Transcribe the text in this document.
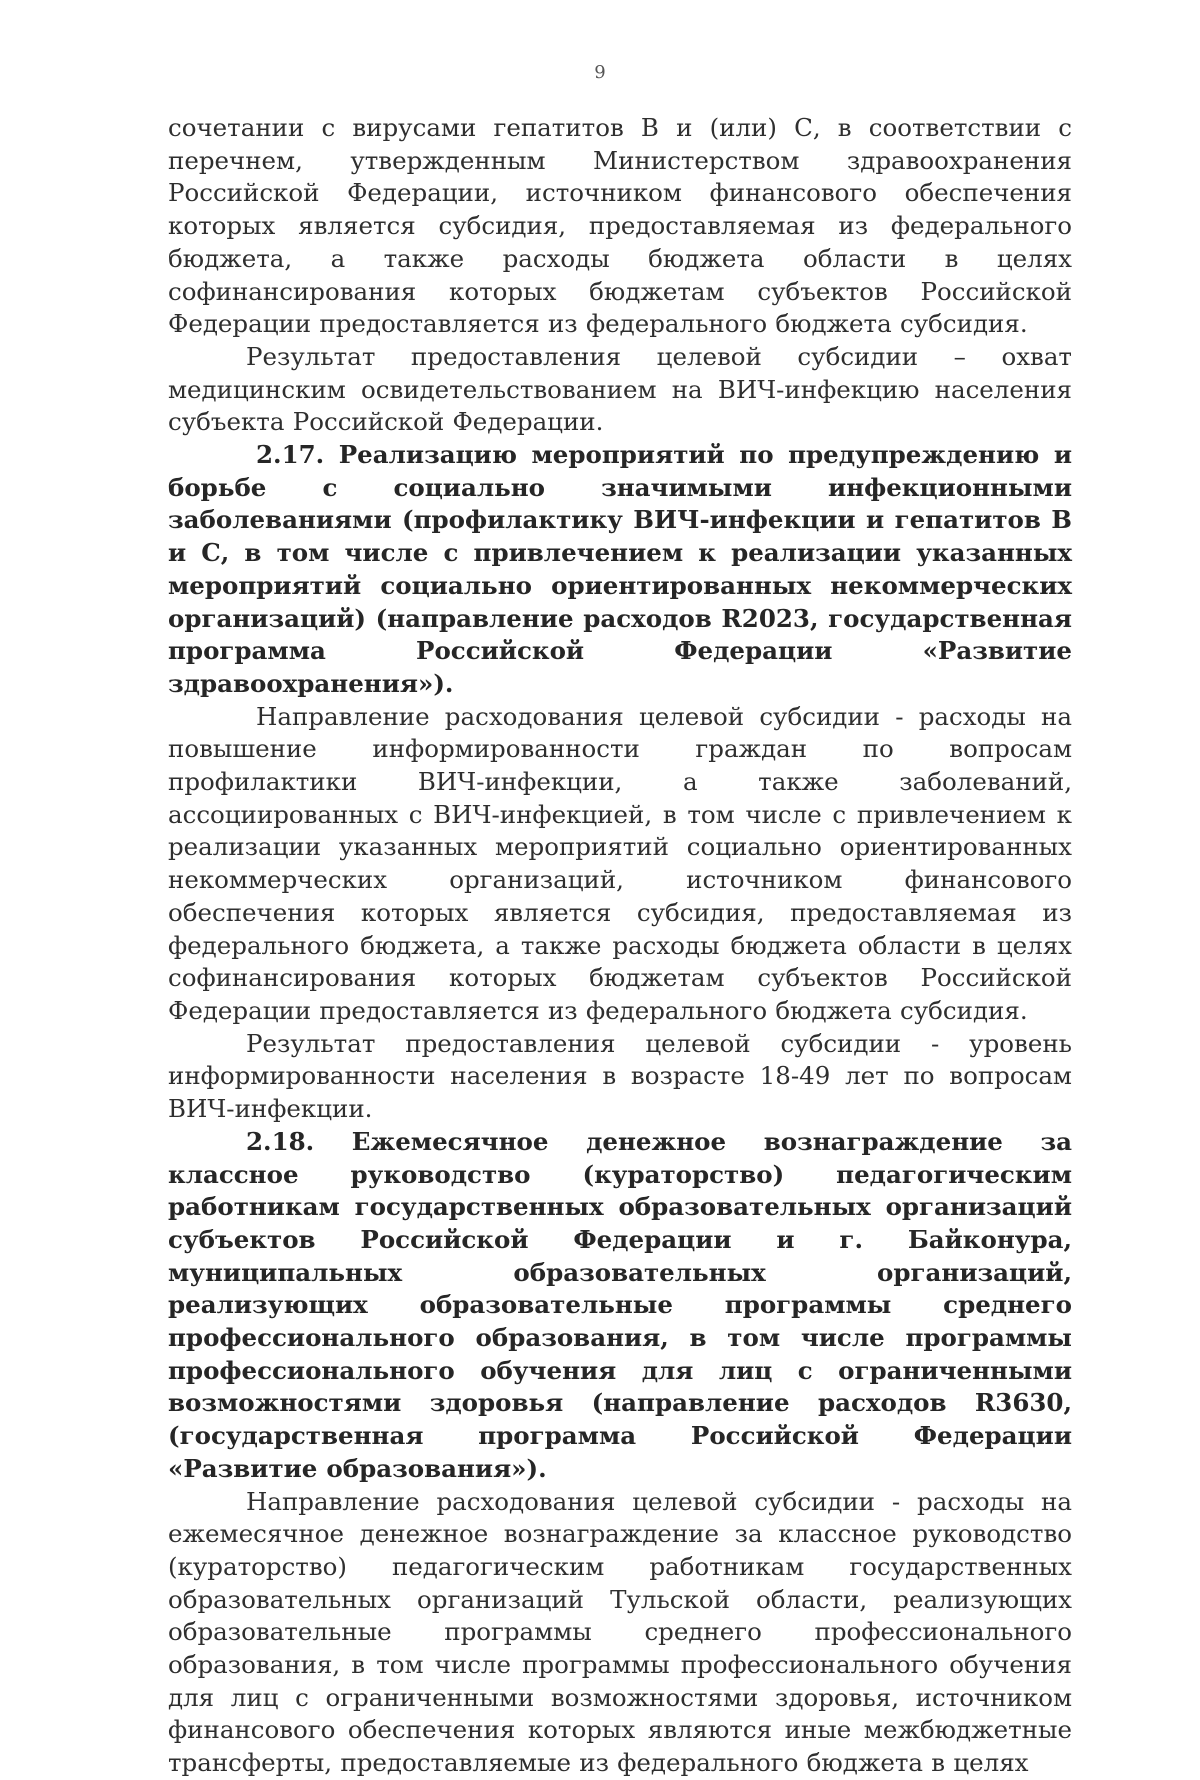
9

сочетании с вирусами гепатитов В и (или) С, в соответствии с перечнем, утвержденным Министерством здравоохранения Российской Федерации, источником финансового обеспечения которых является субсидия, предоставляемая из федерального бюджета, а также расходы бюджета области в целях софинансирования которых бюджетам субъектов Российской Федерации предоставляется из федерального бюджета субсидия.

Результат предоставления целевой субсидии – охват медицинским освидетельствованием на ВИЧ-инфекцию населения субъекта Российской Федерации.

2.17. Реализацию мероприятий по предупреждению и борьбе с социально значимыми инфекционными заболеваниями (профилактику ВИЧ-инфекции и гепатитов В и С, в том числе с привлечением к реализации указанных мероприятий социально ориентированных некоммерческих организаций) (направление расходов R2023, государственная программа Российской Федерации «Развитие здравоохранения»).

Направление расходования целевой субсидии - расходы на повышение информированности граждан по вопросам профилактики ВИЧ-инфекции, а также заболеваний, ассоциированных с ВИЧ-инфекцией, в том числе с привлечением к реализации указанных мероприятий социально ориентированных некоммерческих организаций, источником финансового обеспечения которых является субсидия, предоставляемая из федерального бюджета, а также расходы бюджета области в целях софинансирования которых бюджетам субъектов Российской Федерации предоставляется из федерального бюджета субсидия.

Результат предоставления целевой субсидии - уровень информированности населения в возрасте 18-49 лет по вопросам ВИЧ-инфекции.

2.18. Ежемесячное денежное вознаграждение за классное руководство (кураторство) педагогическим работникам государственных образовательных организаций субъектов Российской Федерации и г. Байконура, муниципальных образовательных организаций, реализующих образовательные программы среднего профессионального образования, в том числе программы профессионального обучения для лиц с ограниченными возможностями здоровья (направление расходов R3630, (государственная программа Российской Федерации «Развитие образования»).

Направление расходования целевой субсидии - расходы на ежемесячное денежное вознаграждение за классное руководство (кураторство) педагогическим работникам государственных образовательных организаций Тульской области, реализующих образовательные программы среднего профессионального образования, в том числе программы профессионального обучения для лиц с ограниченными возможностями здоровья, источником финансового обеспечения которых являются иные межбюджетные трансферты, предоставляемые из федерального бюджета в целях
